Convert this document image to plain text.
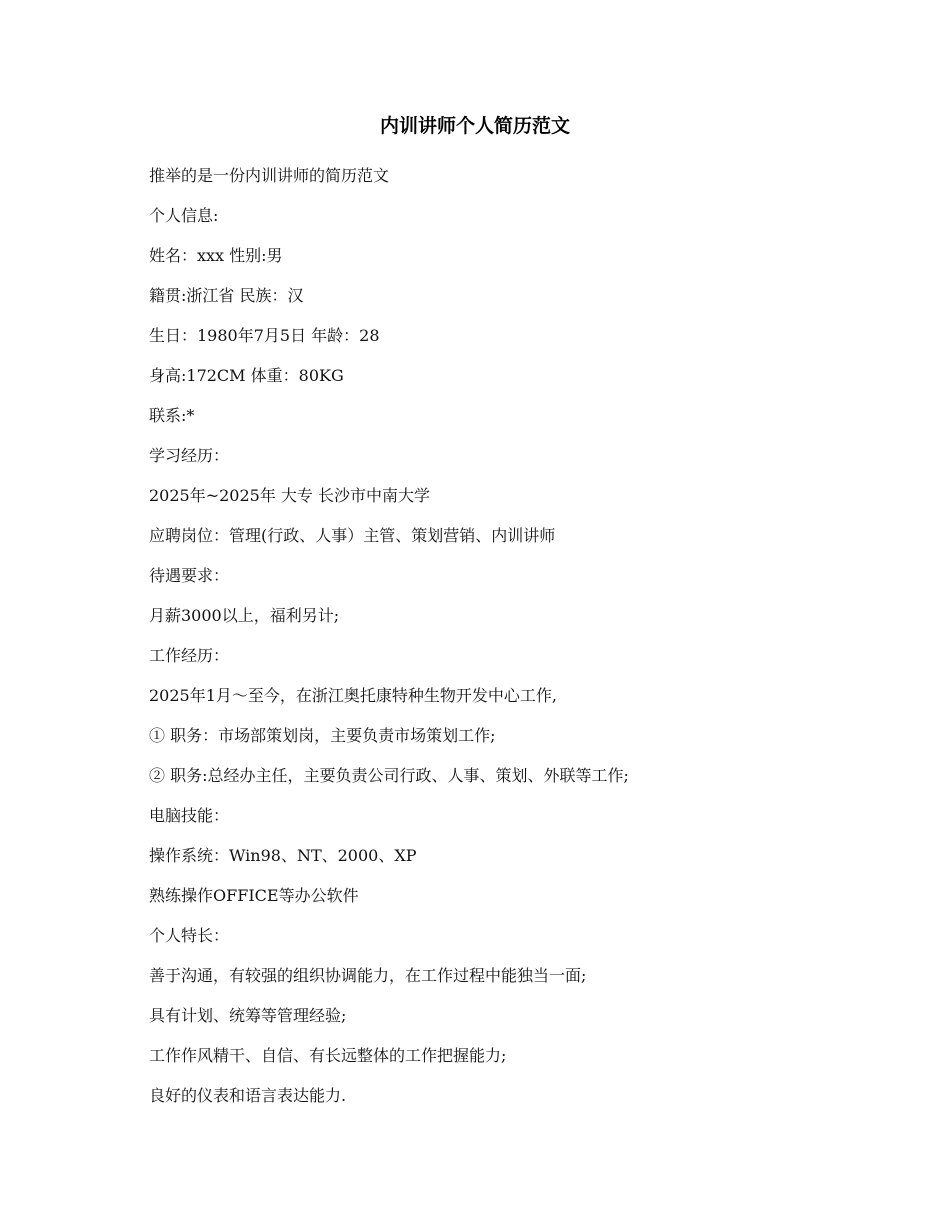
内训讲师个人简历范文
推举的是一份内训讲师的简历范文
个人信息:
姓名：xxx 性别:男
籍贯:浙江省 民族：汉
生日：1980年7月5日 年龄：28
身高:172CM 体重：80KG
联系:*
学习经历：
2025年~2025年 大专 长沙市中南大学
应聘岗位：管理(行政、人事）主管、策划营销、内训讲师
待遇要求：
月薪3000以上，福利另计;
工作经历：
2025年1月～至今，在浙江奥托康特种生物开发中心工作,
① 职务：市场部策划岗，主要负责市场策划工作;
② 职务:总经办主任，主要负责公司行政、人事、策划、外联等工作;
电脑技能：
操作系统：Win98、NT、2000、XP
熟练操作OFFICE等办公软件
个人特长：
善于沟通，有较强的组织协调能力，在工作过程中能独当一面;
具有计划、统筹等管理经验;
工作作风精干、自信、有长远整体的工作把握能力;
良好的仪表和语言表达能力.
